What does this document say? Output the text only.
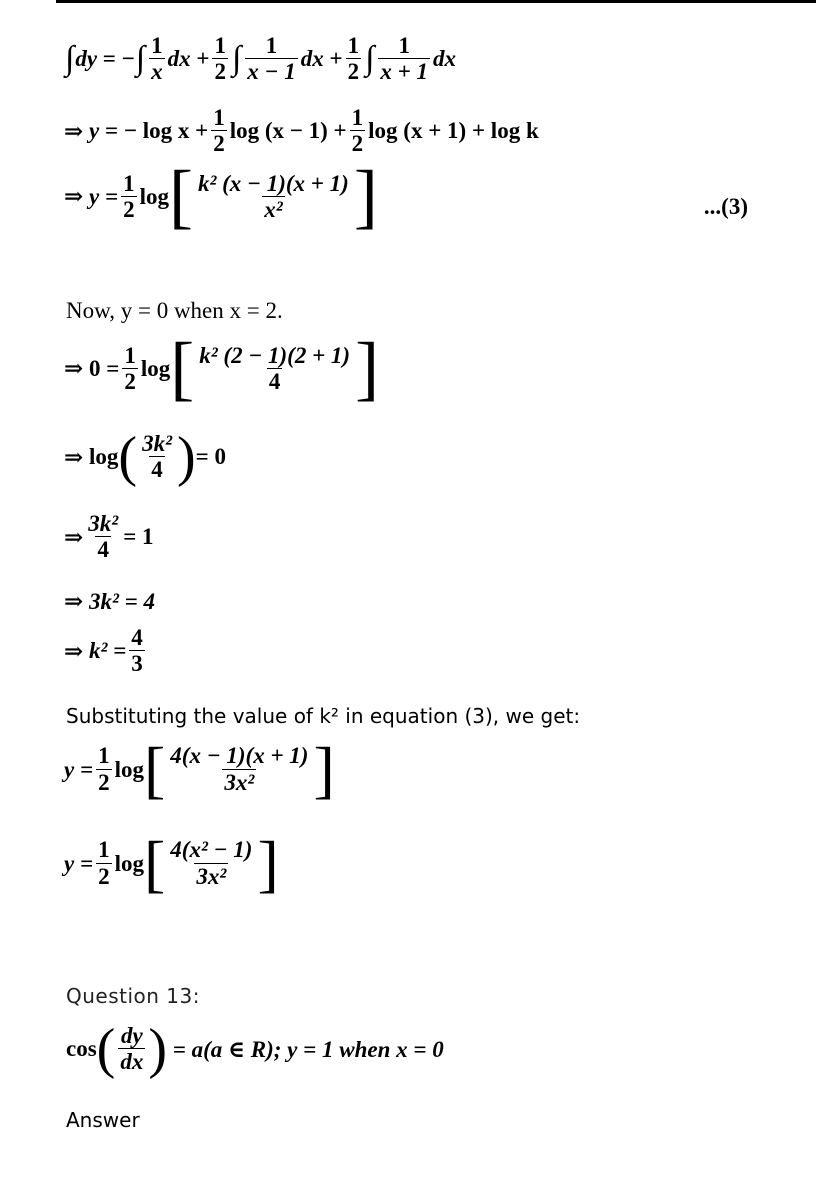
∫ dy
=
− ∫ $\frac{1}{x}$ dx
+ $\frac{1}{2}$ ∫ $\frac{1}{x - 1}$ dx
+ $\frac{1}{2}$ ∫ $\frac{1}{x + 1}$ dx
⇒
y
= − $\log x + \frac{1}{2}$ $\log (x - 1) + \frac{1}{2}$ log (x + 1) + log k
⇒
$y = \frac{1}{2}$ log [ $\frac{\text{k² (x − 1)(x + 1)}}{\text{x²}}$ ]	...(3)
Now, y = 0 when x = 2.
⇒
$0 = \frac{1}{2}$ log [ $\frac{\text{k² (2 − 1)(2 + 1)}}{4}$ ]
⇒
log ( $\frac{\text{3k²}}{4}$ ) = 0
⇒ $\frac{\text{3k²}}{4} = 1$
⇒
3k² = 4
⇒
$k^2 = \frac{4}{3}$
Substituting the value of k² in equation (3), we get:
$y = \frac{1}{2}$ log [ $\frac{4(x - 1)(x + 1)}{\text{3x²}}$ ]
$y = \frac{1}{2}$ log [ $\frac{\text{4(x² − 1)}}{\text{3x²}}$ ]
Question 13:
cos ( $\frac{dy}{dx}$ )
= a(a ∈ R); y = 1 when x = 0
Answer
